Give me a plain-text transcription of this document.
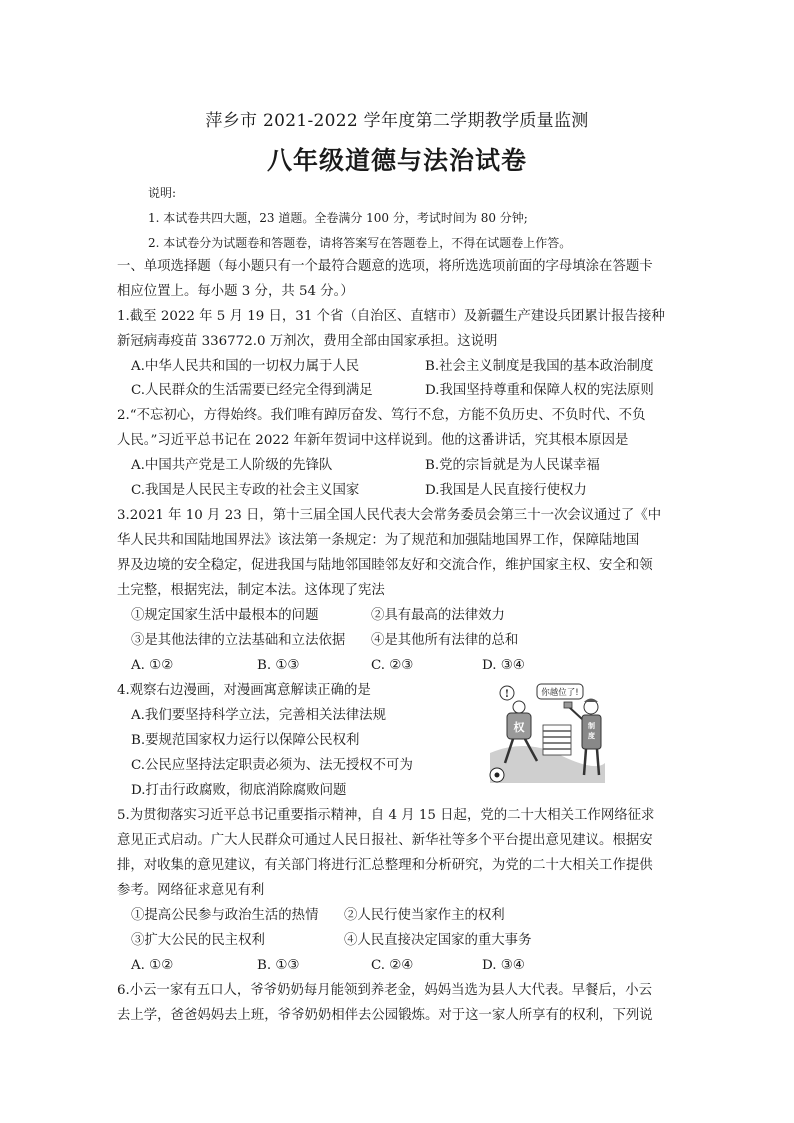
萍乡市 2021-2022 学年度第二学期教学质量监测
八年级道德与法治试卷
说明:
1. 本试卷共四大题，23 道题。全卷满分 100 分，考试时间为 80 分钟;
2. 本试卷分为试题卷和答题卷，请将答案写在答题卷上，不得在试题卷上作答。
一、单项选择题（每小题只有一个最符合题意的选项，将所选选项前面的字母填涂在答题卡
相应位置上。每小题 3 分，共 54 分。）
1.截至 2022 年 5 月 19 日，31 个省（自治区、直辖市）及新疆生产建设兵团累计报告接种
新冠病毒疫苗 336772.0 万剂次，费用全部由国家承担。这说明
A.中华人民共和国的一切权力属于人民	B.社会主义制度是我国的基本政治制度
C.人民群众的生活需要已经完全得到满足	D.我国坚持尊重和保障人权的宪法原则
2.“不忘初心，方得始终。我们唯有踔厉奋发、笃行不怠，方能不负历史、不负时代、不负
人民。”习近平总书记在 2022 年新年贺词中这样说到。他的这番讲话，究其根本原因是
A.中国共产党是工人阶级的先锋队	B.党的宗旨就是为人民谋幸福
C.我国是人民民主专政的社会主义国家	D.我国是人民直接行使权力
3.2021 年 10 月 23 日，第十三届全国人民代表大会常务委员会第三十一次会议通过了《中
华人民共和国陆地国界法》该法第一条规定：为了规范和加强陆地国界工作，保障陆地国
界及边境的安全稳定，促进我国与陆地邻国睦邻友好和交流合作，维护国家主权、安全和领
土完整，根据宪法，制定本法。这体现了宪法
①规定国家生活中最根本的问题	②具有最高的法律效力
③是其他法律的立法基础和立法依据 ④是其他所有法律的总和
A. ①②	B. ①③	C. ②③	D. ③④
4.观察右边漫画，对漫画寓意解读正确的是
A.我们要坚持科学立法，完善相关法律法规
B.要规范国家权力运行以保障公民权利
C.公民应坚持法定职责必须为、法无授权不可为
D.打击行政腐败，彻底消除腐败问题
你越位了!
!
制
度
权
5.为贯彻落实习近平总书记重要指示精神，自 4 月 15 日起，党的二十大相关工作网络征求
意见正式启动。广大人民群众可通过人民日报社、新华社等多个平台提出意见建议。根据安
排，对收集的意见建议，有关部门将进行汇总整理和分析研究，为党的二十大相关工作提供
参考。网络征求意见有利
①提高公民参与政治生活的热情 ②人民行使当家作主的权利
③扩大公民的民主权利	④人民直接决定国家的重大事务
A. ①②	B. ①③	C. ②④	D. ③④
6.小云一家有五口人，爷爷奶奶每月能领到养老金，妈妈当选为县人大代表。早餐后，小云
去上学，爸爸妈妈去上班，爷爷奶奶相伴去公园锻炼。对于这一家人所享有的权利，下列说
